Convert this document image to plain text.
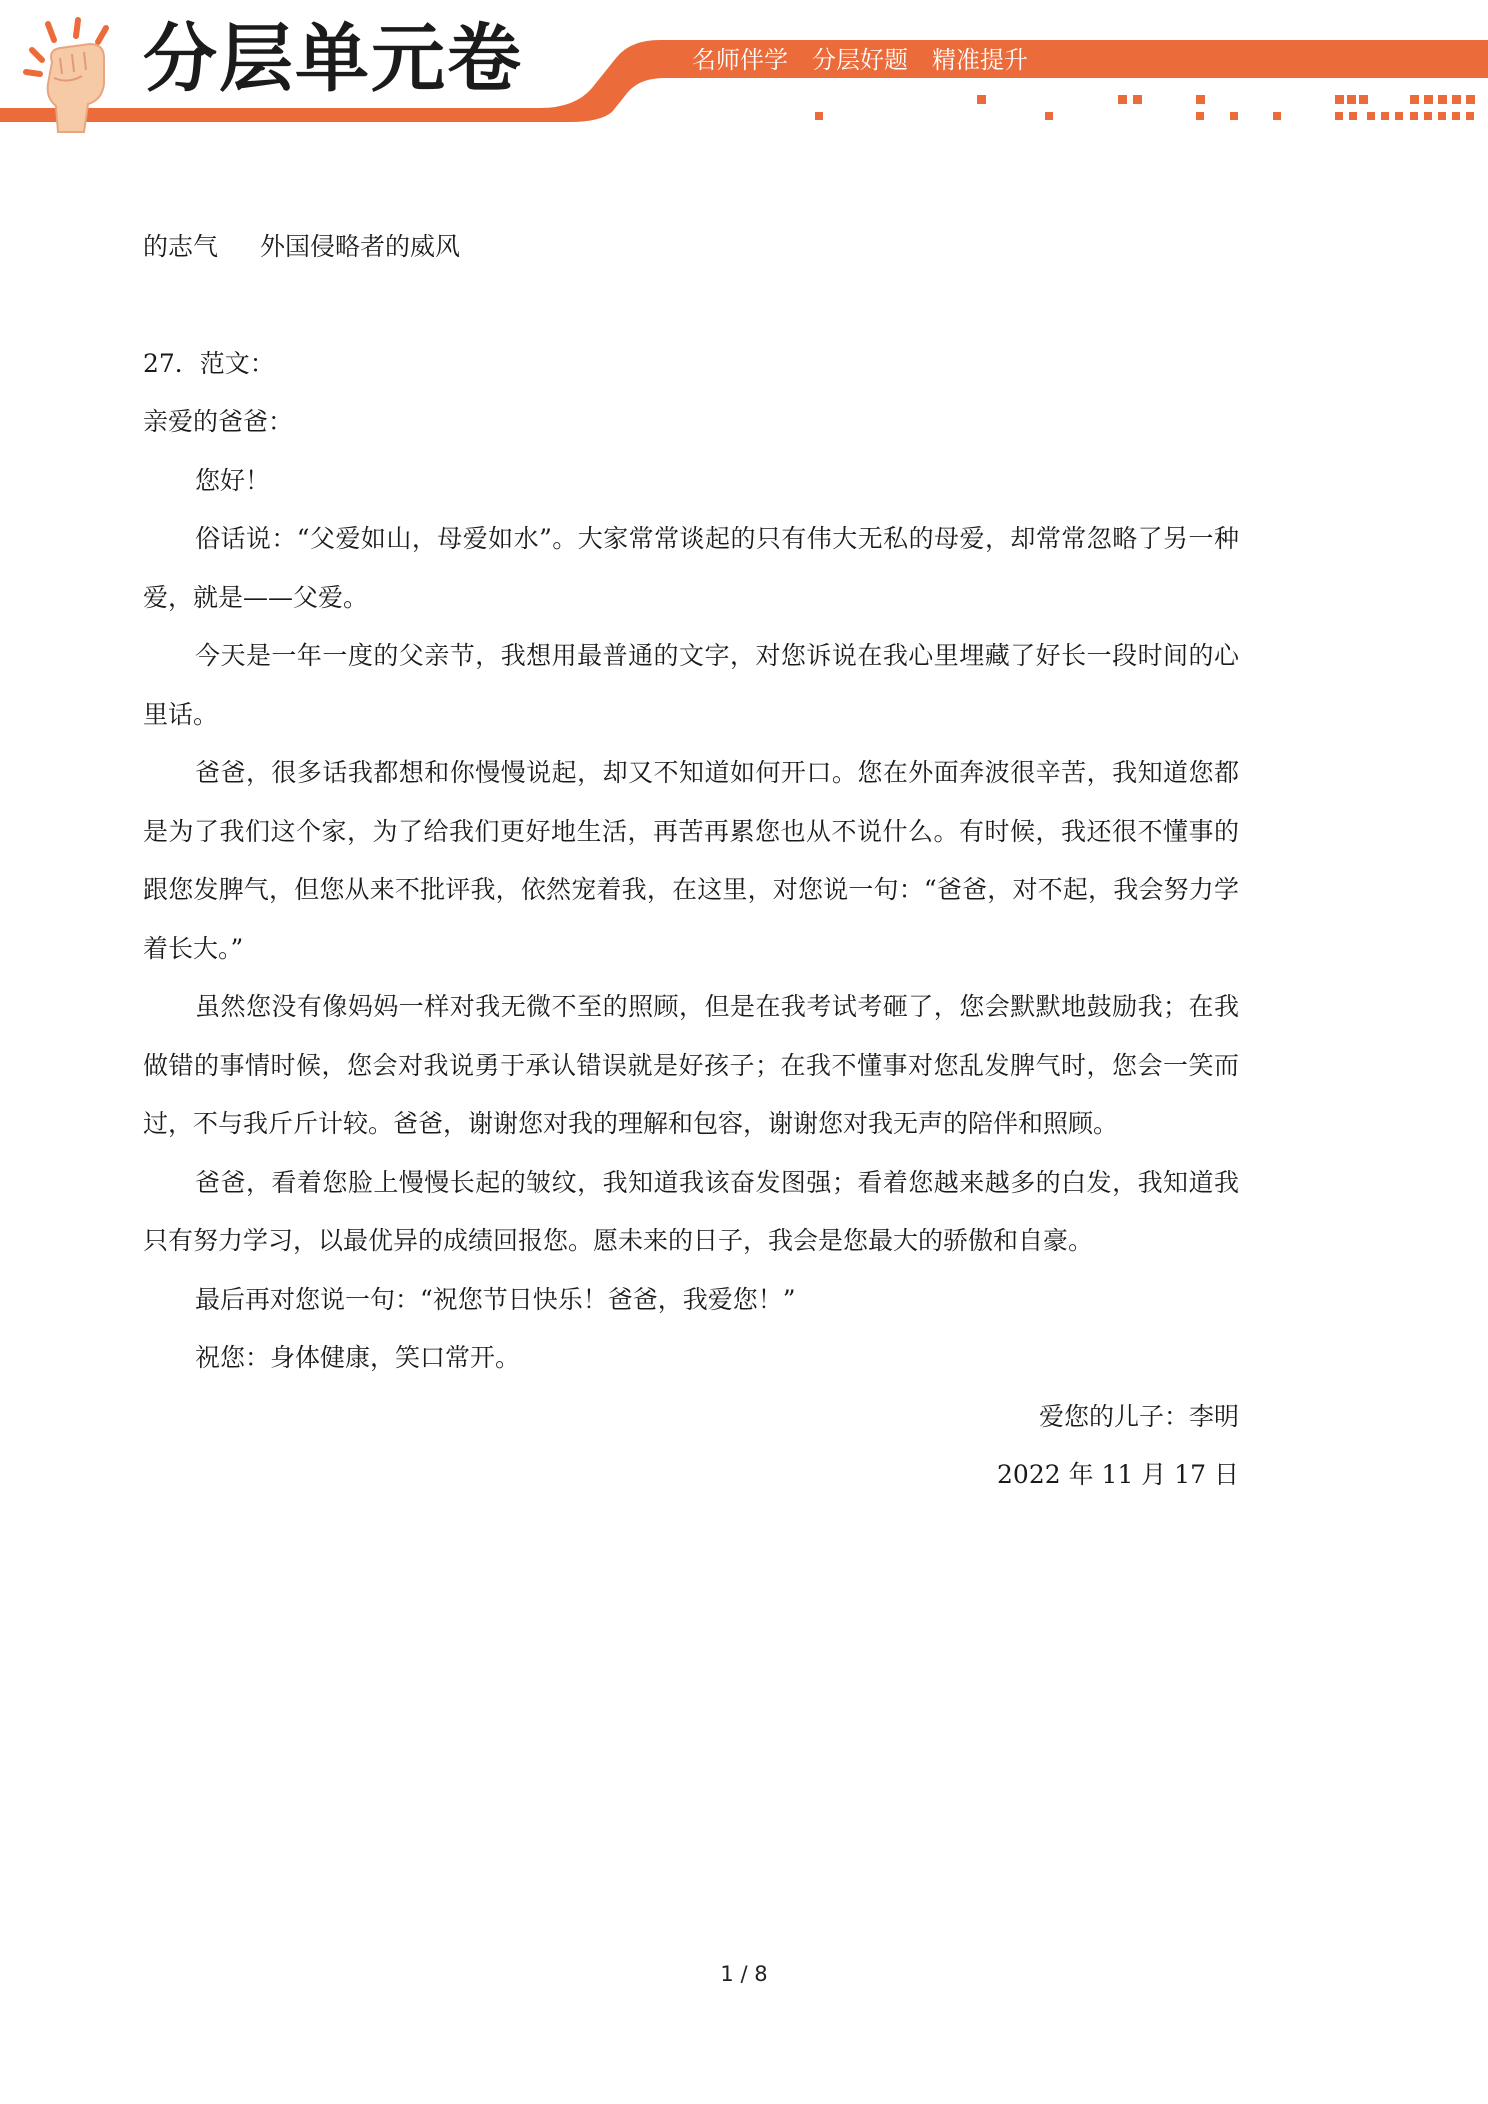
分层单元卷	名师伴学 分层好题 精准提升

的志气 外国侵略者的威风

27．范文：

亲爱的爸爸：

您好！

俗话说：“父爱如山，母爱如水”。大家常常谈起的只有伟大无私的母爱，却常常忽略了另一种爱，就是——父爱。

今天是一年一度的父亲节，我想用最普通的文字，对您诉说在我心里埋藏了好长一段时间的心里话。

爸爸，很多话我都想和你慢慢说起，却又不知道如何开口。您在外面奔波很辛苦，我知道您都是为了我们这个家，为了给我们更好地生活，再苦再累您也从不说什么。有时候，我还很不懂事的跟您发脾气，但您从来不批评我，依然宠着我，在这里，对您说一句：“爸爸，对不起，我会努力学着长大。”

虽然您没有像妈妈一样对我无微不至的照顾，但是在我考试考砸了，您会默默地鼓励我；在我做错的事情时候，您会对我说勇于承认错误就是好孩子；在我不懂事对您乱发脾气时，您会一笑而过，不与我斤斤计较。爸爸，谢谢您对我的理解和包容，谢谢您对我无声的陪伴和照顾。

爸爸，看着您脸上慢慢长起的皱纹，我知道我该奋发图强；看着您越来越多的白发，我知道我只有努力学习，以最优异的成绩回报您。愿未来的日子，我会是您最大的骄傲和自豪。

最后再对您说一句：“祝您节日快乐！爸爸，我爱您！”

祝您：身体健康，笑口常开。

爱您的儿子：李明

2022 年 11 月 17 日

1 / 8
